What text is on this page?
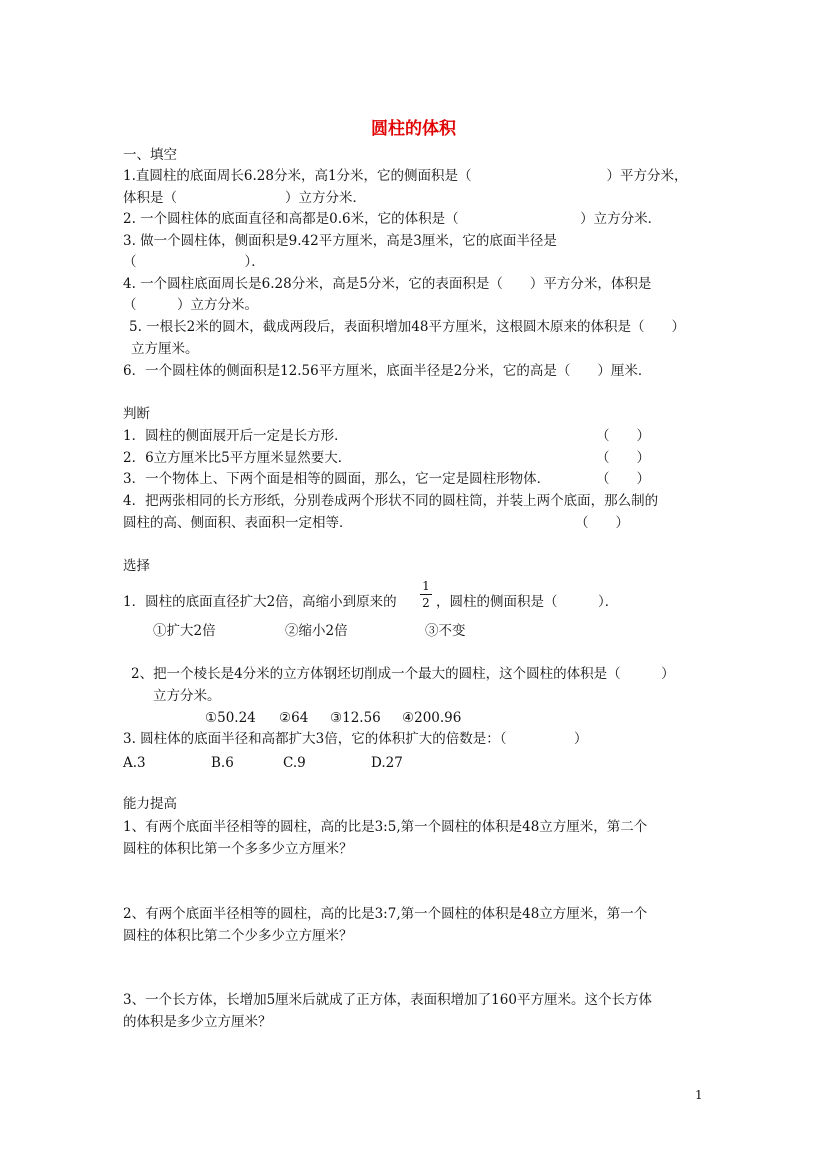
圆柱的体积
一、填空
1.直圆柱的底面周长6.28分米，高1分米，它的侧面积是（　　　　　　　　　　）平方分米，
体积是（　　　　　　　　）立方分米．
2. 一个圆柱体的底面直径和高都是0.6米，它的体积是（　　　　　　　　　）立方分米．
3. 做一个圆柱体，侧面积是9.42平方厘米，高是3厘米，它的底面半径是
（　　　　　　　　）．
4. 一个圆柱底面周长是6.28分米，高是5分米，它的表面积是（　　）平方分米，体积是
（　　　）立方分米。
5. 一根长2米的圆木，截成两段后，表面积增加48平方厘米，这根圆木原来的体积是（　　）
立方厘米。
6．一个圆柱体的侧面积是12.56平方厘米，底面半径是2分米，它的高是（　　）厘米．
判断
1．圆柱的侧面展开后一定是长方形．	（　　）
2．6立方厘米比5平方厘米显然要大．	（　　）
3．一个物体上、下两个面是相等的圆面，那么，它一定是圆柱形物体．	（　　）
4．把两张相同的长方形纸，分别卷成两个形状不同的圆柱筒，并装上两个底面，那么制的
圆柱的高、侧面积、表面积一定相等．	（　　）
选择
1．圆柱的底面直径扩大2倍，高缩小到原来的
1
2 ，圆柱的侧面积是（　　　）．
①扩大2倍	②缩小2倍	③不变
2、把一个棱长是4分米的立方体钢坯切削成一个最大的圆柱，这个圆柱的体积是（　　　）
立方分米。
①50.24 ②64 ③12.56 ④200.96
3. 圆柱体的底面半径和高都扩大3倍，它的体积扩大的倍数是：（　　　　　）
A.3	B.6	C.9	D.27
能力提高
1、有两个底面半径相等的圆柱，高的比是3:5,第一个圆柱的体积是48立方厘米，第二个
圆柱的体积比第一个多多少立方厘米？
2、有两个底面半径相等的圆柱，高的比是3:7,第一个圆柱的体积是48立方厘米，第一个
圆柱的体积比第二个少多少立方厘米？
3、一个长方体，长增加5厘米后就成了正方体，表面积增加了160平方厘米。这个长方体
的体积是多少立方厘米？
1
